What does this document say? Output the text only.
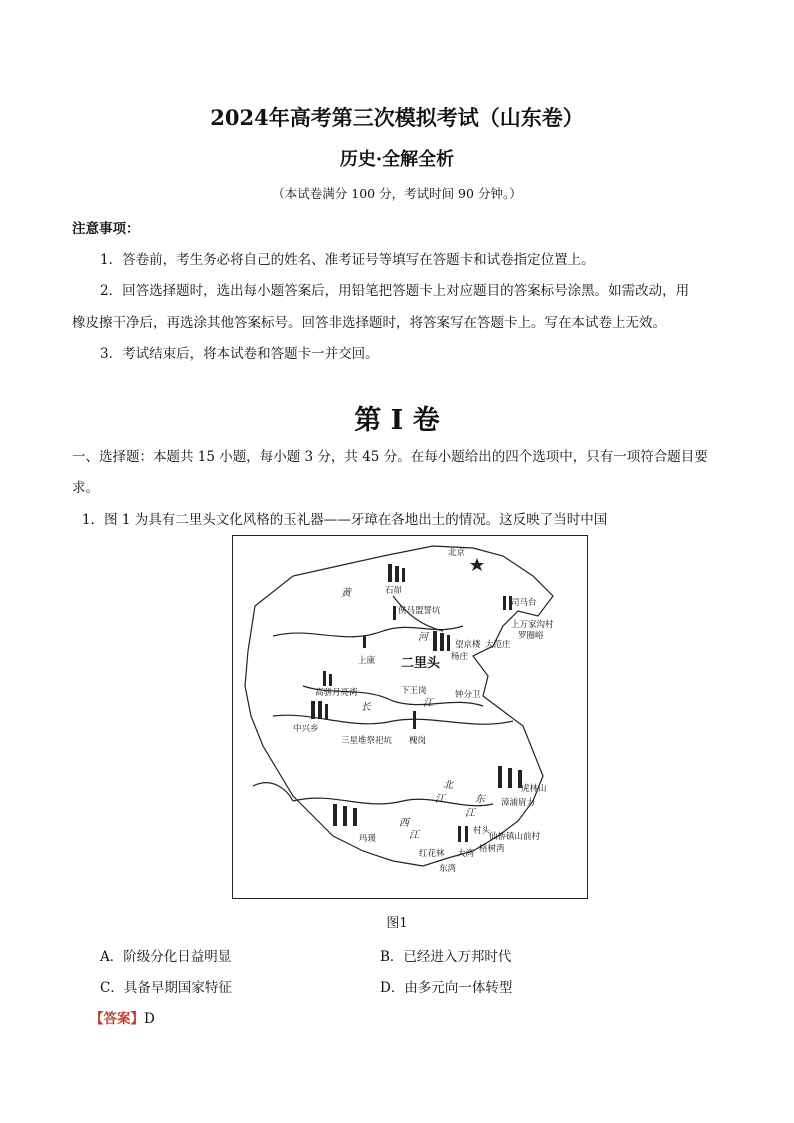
2024年高考第三次模拟考试（山东卷）
历史·全解全析
（本试卷满分 100 分，考试时间 90 分钟。）
注意事项：
1．答卷前，考生务必将自己的姓名、准考证号等填写在答题卡和试卷指定位置上。
2．回答选择题时，选出每小题答案后，用铅笔把答题卡上对应题目的答案标号涂黑。如需改动，用
橡皮擦干净后，再选涂其他答案标号。回答非选择题时，将答案写在答题卡上。写在本试卷上无效。
3．考试结束后，将本试卷和答题卡一并交回。
第 I 卷
一、选择题：本题共 15 小题，每小题 3 分，共 45 分。在每小题给出的四个选项中，只有一项符合题目要
求。
1．图 1 为具有二里头文化风格的玉礼器——牙璋在各地出土的情况。这反映了当时中国
北京
石峁
黄
侯马盟誓坑
河
二里头
望京楼
杨庄
大范庄
司马台
上万家沟村
罗圈峪
上康
下王岗
江
钟分卫
高骈月亮湾
长
中兴乡
三星堆祭祀坑 槐岗
北
江	东
江
西
江
虎林山
漳浦眉力
村头
仙桥镇山前村
格树湾
玛瑗
红花林 大湾
东湾
图1
A．阶级分化日益明显	B．已经进入万邦时代
C．具备早期国家特征	D．由多元向一体转型
【答案】D
